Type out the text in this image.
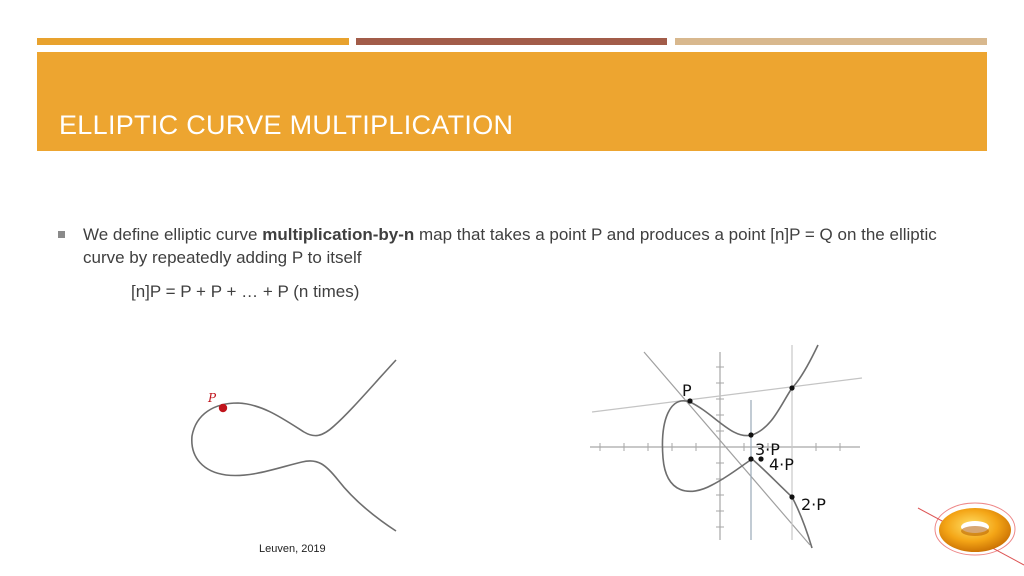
ELLIPTIC CURVE MULTIPLICATION
We define elliptic curve multiplication-by-n map that takes a point P and produces a point [n]P = Q on the elliptic curve by repeatedly adding P to itself
[n]P = P + P + … + P (n times)
P	P
3·P
4·P
2·P
Leuven, 2019
